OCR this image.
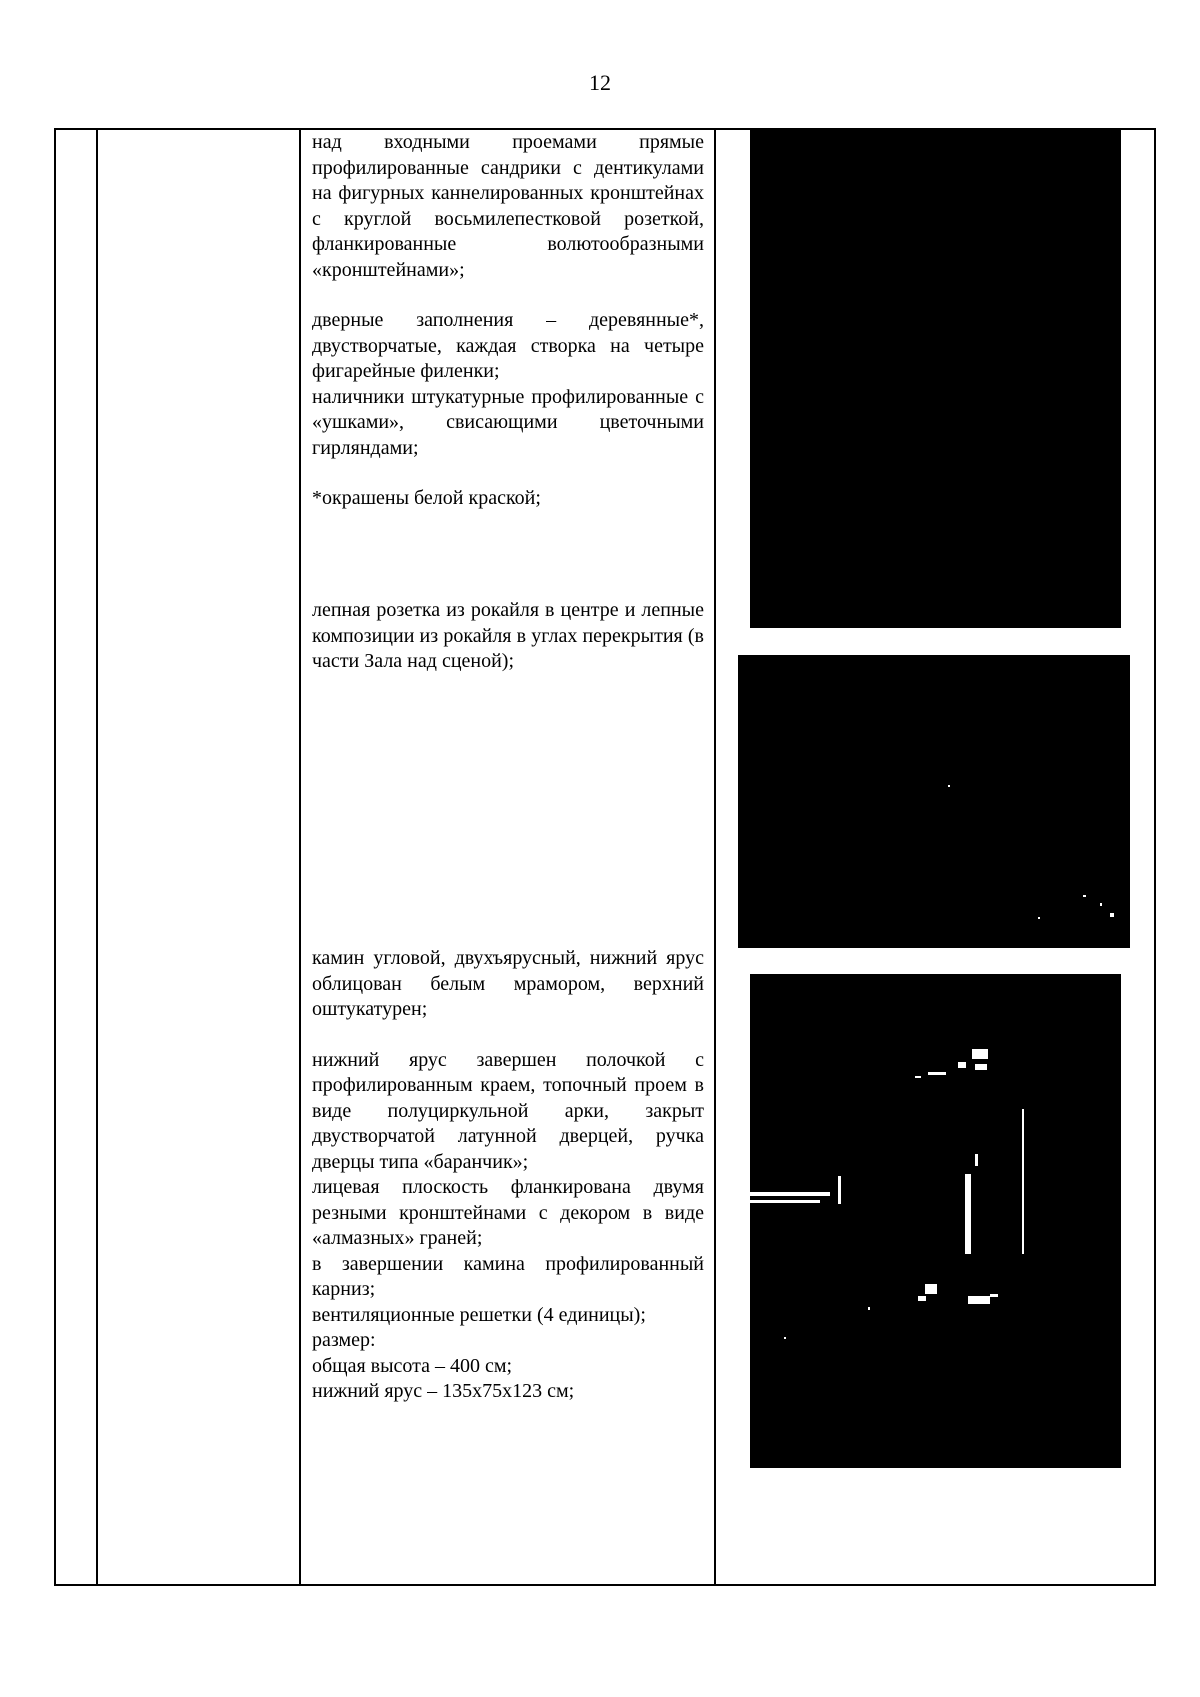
12

над входными проемами прямые профилированные сандрики с дентикулами на фигурных каннелированных кронштейнах с круглой восьмилепестковой розеткой, фланкированные волютообразными «кронштейнами»;

дверные заполнения – деревянные*, двустворчатые, каждая створка на четыре фигарейные филенки;

наличники штукатурные профилированные с «ушками», свисающими цветочными гирляндами;

*окрашены белой краской;

лепная розетка из рокайля в центре и лепные композиции из рокайля в углах перекрытия (в части Зала над сценой);

камин угловой, двухъярусный, нижний ярус облицован белым мрамором, верхний оштукатурен;

нижний ярус завершен полочкой с профилированным краем, топочный проем в виде полуциркульной арки, закрыт двустворчатой латунной дверцей, ручка дверцы типа «баранчик»;

лицевая плоскость фланкирована двумя резными кронштейнами с декором в виде «алмазных» граней;

в завершении камина профилированный карниз;

вентиляционные решетки (4 единицы);

размер:

общая высота – 400 см;

нижний ярус – 135х75х123 см;
